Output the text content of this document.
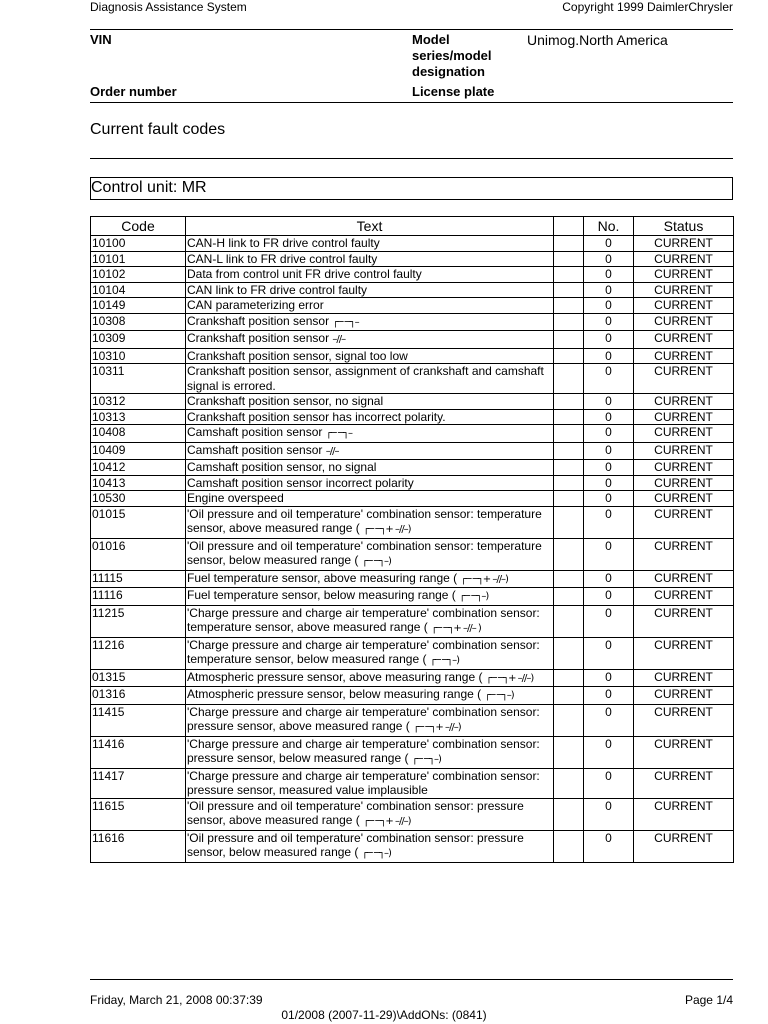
Diagnosis Assistance System	Copyright 1999 DaimlerChrysler
VIN	Model series/model designation
Unimog.North America
Order number	License plate
Current fault codes
Control unit: MR
Code	Text		No.	Status
10100	CAN-H link to FR drive control faulty		0	CURRENT
10101	CAN-L link to FR drive control faulty		0	CURRENT
10102	Data from control unit FR drive control faulty		0	CURRENT
10104	CAN link to FR drive control faulty		0	CURRENT
10149	CAN parameterizing error		0	CURRENT
10308	Crankshaft position sensor ┌─ ─┐–		0	CURRENT
10309	Crankshaft position sensor –//–		0	CURRENT
10310	Crankshaft position sensor, signal too low		0	CURRENT
10311	Crankshaft position sensor, assignment of crankshaft and camshaft signal is errored.		0	CURRENT
10312	Crankshaft position sensor, no signal		0	CURRENT
10313	Crankshaft position sensor has incorrect polarity.		0	CURRENT
10408	Camshaft position sensor ┌─ ─┐–		0	CURRENT
10409	Camshaft position sensor –//–		0	CURRENT
10412	Camshaft position sensor, no signal		0	CURRENT
10413	Camshaft position sensor incorrect polarity		0	CURRENT
10530	Engine overspeed		0	CURRENT
01015	'Oil pressure and oil temperature' combination sensor: temperature sensor, above measured range ( ┌─ ─┐+ –//–)		0	CURRENT
01016	'Oil pressure and oil temperature' combination sensor: temperature sensor, below measured range ( ┌─ ─┐–)		0	CURRENT
11115	Fuel temperature sensor, above measuring range ( ┌─ ─┐+ –//–)		0	CURRENT
11116	Fuel temperature sensor, below measuring range ( ┌─ ─┐–)		0	CURRENT
11215	'Charge pressure and charge air temperature' combination sensor: temperature sensor, above measured range ( ┌─ ─┐+ –//– )		0	CURRENT
11216	'Charge pressure and charge air temperature' combination sensor: temperature sensor, below measured range ( ┌─ ─┐–)		0	CURRENT
01315	Atmospheric pressure sensor, above measuring range ( ┌─ ─┐+ –//–)		0	CURRENT
01316	Atmospheric pressure sensor, below measuring range ( ┌─ ─┐–)		0	CURRENT
11415	'Charge pressure and charge air temperature' combination sensor: pressure sensor, above measured range ( ┌─ ─┐+ –//–)		0	CURRENT
11416	'Charge pressure and charge air temperature' combination sensor: pressure sensor, below measured range ( ┌─ ─┐–)		0	CURRENT
11417	'Charge pressure and charge air temperature' combination sensor: pressure sensor, measured value implausible		0	CURRENT
11615	'Oil pressure and oil temperature' combination sensor: pressure sensor, above measured range ( ┌─ ─┐+ –//–)		0	CURRENT
11616	'Oil pressure and oil temperature' combination sensor: pressure sensor, below measured range ( ┌─ ─┐–)		0	CURRENT
Friday, March 21, 2008 00:37:39	Page 1/4
01/2008 (2007-11-29)\AddONs: (0841)
